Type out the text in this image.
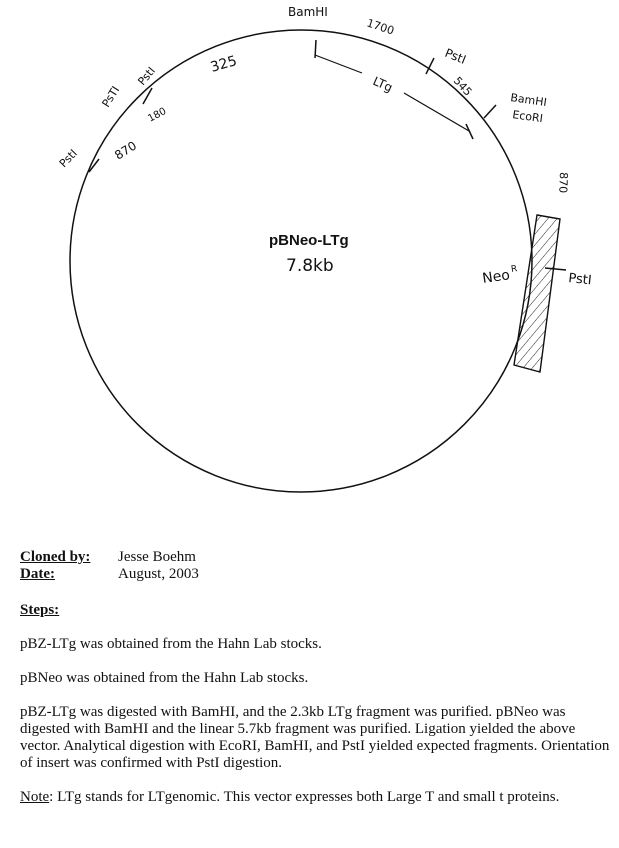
BamHI
PstI
BamHI
EcoRI
PstI
PsTI
PstI
PstI
1700
545
870
325
870
180
LTg
Neo$^R$
pBNeo-LTg
7.8kb
Cloned by:	Jesse Boehm
Date:	August, 2003
Steps:
pBZ-LTg was obtained from the Hahn Lab stocks.
pBNeo was obtained from the Hahn Lab stocks.
pBZ-LTg was digested with BamHI, and the 2.3kb LTg fragment was purified. pBNeo was digested with BamHI and the linear 5.7kb fragment was purified. Ligation yielded the above vector. Analytical digestion with EcoRI, BamHI, and PstI yielded expected fragments. Orientation of insert was confirmed with PstI digestion.
Note: LTg stands for LTgenomic. This vector expresses both Large T and small t proteins.
